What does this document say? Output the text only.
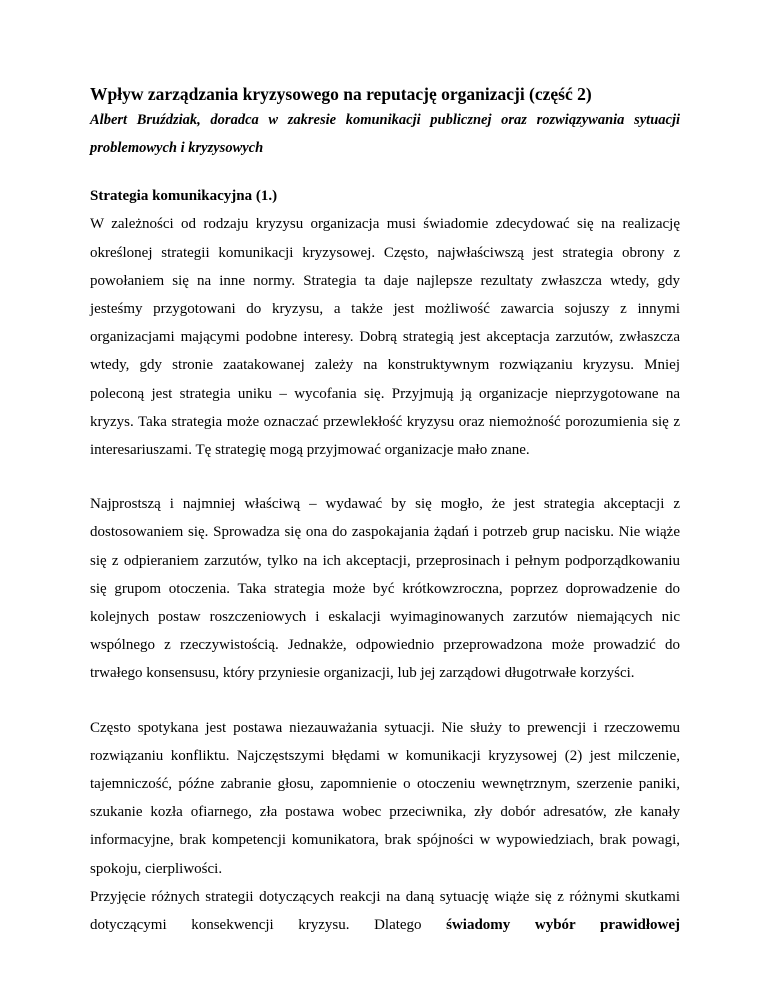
Wpływ zarządzania kryzysowego na reputację organizacji (część 2)

Albert Bruździak, doradca w zakresie komunikacji publicznej oraz rozwiązywania sytuacji problemowych i kryzysowych

Strategia komunikacyjna (1.)

W zależności od rodzaju kryzysu organizacja musi świadomie zdecydować się na realizację określonej strategii komunikacji kryzysowej. Często, najwłaściwszą jest strategia obrony z powołaniem się na inne normy. Strategia ta daje najlepsze rezultaty zwłaszcza wtedy, gdy jesteśmy przygotowani do kryzysu, a także jest możliwość zawarcia sojuszy z innymi organizacjami mającymi podobne interesy. Dobrą strategią jest akceptacja zarzutów, zwłaszcza wtedy, gdy stronie zaatakowanej zależy na konstruktywnym rozwiązaniu kryzysu. Mniej poleconą jest strategia uniku – wycofania się. Przyjmują ją organizacje nieprzygotowane na kryzys. Taka strategia może oznaczać przewlekłość kryzysu oraz niemożność porozumienia się z interesariuszami. Tę strategię mogą przyjmować organizacje mało znane.

Najprostszą i najmniej właściwą – wydawać by się mogło, że jest strategia akceptacji z dostosowaniem się. Sprowadza się ona do zaspokajania żądań i potrzeb grup nacisku. Nie wiąże się z odpieraniem zarzutów, tylko na ich akceptacji, przeprosinach i pełnym podporządkowaniu się grupom otoczenia. Taka strategia może być krótkowzroczna, poprzez doprowadzenie do kolejnych postaw roszczeniowych i eskalacji wyimaginowanych zarzutów niemających nic wspólnego z rzeczywistością. Jednakże, odpowiednio przeprowadzona może prowadzić do trwałego konsensusu, który przyniesie organizacji, lub jej zarządowi długotrwałe korzyści.

Często spotykana jest postawa niezauważania sytuacji. Nie służy to prewencji i rzeczowemu rozwiązaniu konfliktu. Najczęstszymi błędami w komunikacji kryzysowej (2) jest milczenie, tajemniczość, późne zabranie głosu, zapomnienie o otoczeniu wewnętrznym, szerzenie paniki, szukanie kozła ofiarnego, zła postawa wobec przeciwnika, zły dobór adresatów, złe kanały informacyjne, brak kompetencji komunikatora, brak spójności w wypowiedziach, brak powagi, spokoju, cierpliwości.

Przyjęcie różnych strategii dotyczących reakcji na daną sytuację wiąże się z różnymi skutkami dotyczącymi konsekwencji kryzysu. Dlatego świadomy wybór prawidłowej
